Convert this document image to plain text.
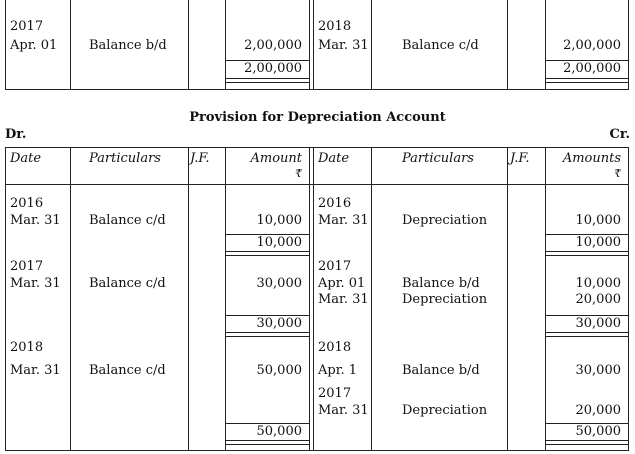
2017
Apr. 01 Balance b/d	2,00,000
2,00,000
2018
Mar. 31	Balance c/d	2,00,000
2,00,000
Provision for Depreciation Account
Dr.	Cr.
Date	Particulars J.F.	Amount
₹
Date	Particulars	J.F.	Amounts
₹
2016
Mar. 31 Balance c/d	10,000
10,000
2016
Mar. 31	Depreciation	10,000
10,000
2017
Mar. 31 Balance c/d	30,000
30,000
2017
Apr. 01	Balance b/d	10,000
Mar. 31	Depreciation	20,000
30,000
2018
Mar. 31 Balance c/d	50,000
50,000
2018
Apr. 1	Balance b/d	30,000
2017
Mar. 31	Depreciation	20,000
50,000
